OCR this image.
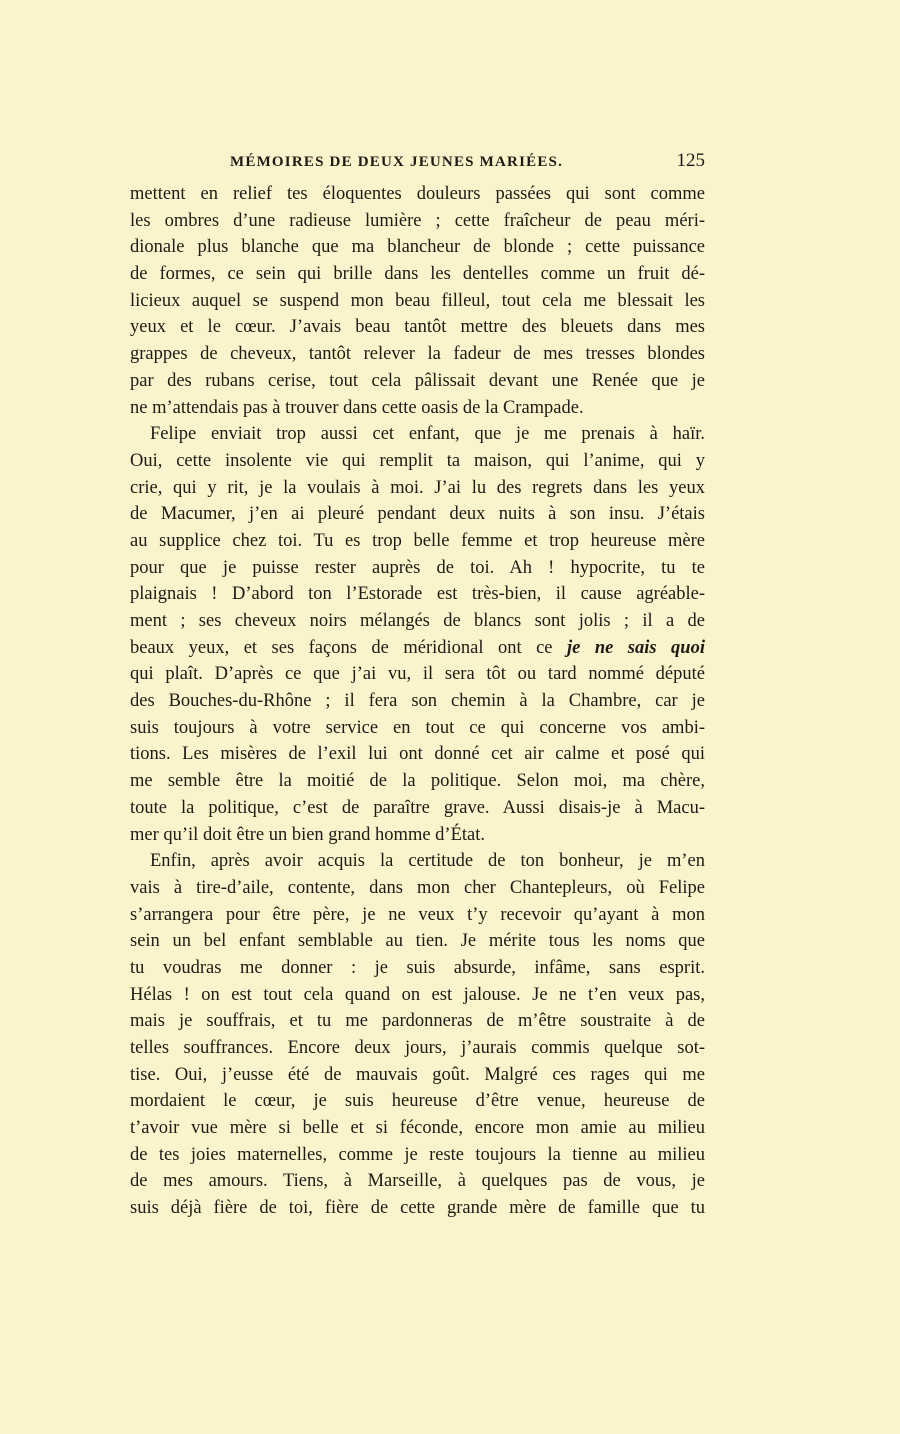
MÉMOIRES DE DEUX JEUNES MARIÉES.	125
mettent en relief tes éloquentes douleurs passées qui sont comme
les ombres d’une radieuse lumière ; cette fraîcheur de peau méri-
dionale plus blanche que ma blancheur de blonde ; cette puissance
de formes, ce sein qui brille dans les dentelles comme un fruit dé-
licieux auquel se suspend mon beau filleul, tout cela me blessait les
yeux et le cœur. J’avais beau tantôt mettre des bleuets dans mes
grappes de cheveux, tantôt relever la fadeur de mes tresses blondes
par des rubans cerise, tout cela pâlissait devant une Renée que je
ne m’attendais pas à trouver dans cette oasis de la Crampade.
Felipe enviait trop aussi cet enfant, que je me prenais à haïr.
Oui, cette insolente vie qui remplit ta maison, qui l’anime, qui y
crie, qui y rit, je la voulais à moi. J’ai lu des regrets dans les yeux
de Macumer, j’en ai pleuré pendant deux nuits à son insu. J’étais
au supplice chez toi. Tu es trop belle femme et trop heureuse mère
pour que je puisse rester auprès de toi. Ah ! hypocrite, tu te
plaignais ! D’abord ton l’Estorade est très-bien, il cause agréable-
ment ; ses cheveux noirs mélangés de blancs sont jolis ; il a de
beaux yeux, et ses façons de méridional ont ce je ne sais quoi
qui plaît. D’après ce que j’ai vu, il sera tôt ou tard nommé député
des Bouches-du-Rhône ; il fera son chemin à la Chambre, car je
suis toujours à votre service en tout ce qui concerne vos ambi-
tions. Les misères de l’exil lui ont donné cet air calme et posé qui
me semble être la moitié de la politique. Selon moi, ma chère,
toute la politique, c’est de paraître grave. Aussi disais-je à Macu-
mer qu’il doit être un bien grand homme d’État.
Enfin, après avoir acquis la certitude de ton bonheur, je m’en
vais à tire-d’aile, contente, dans mon cher Chantepleurs, où Felipe
s’arrangera pour être père, je ne veux t’y recevoir qu’ayant à mon
sein un bel enfant semblable au tien. Je mérite tous les noms que
tu voudras me donner : je suis absurde, infâme, sans esprit.
Hélas ! on est tout cela quand on est jalouse. Je ne t’en veux pas,
mais je souffrais, et tu me pardonneras de m’être soustraite à de
telles souffrances. Encore deux jours, j’aurais commis quelque sot-
tise. Oui, j’eusse été de mauvais goût. Malgré ces rages qui me
mordaient le cœur, je suis heureuse d’être venue, heureuse de
t’avoir vue mère si belle et si féconde, encore mon amie au milieu
de tes joies maternelles, comme je reste toujours la tienne au milieu
de mes amours. Tiens, à Marseille, à quelques pas de vous, je
suis déjà fière de toi, fière de cette grande mère de famille que tu
